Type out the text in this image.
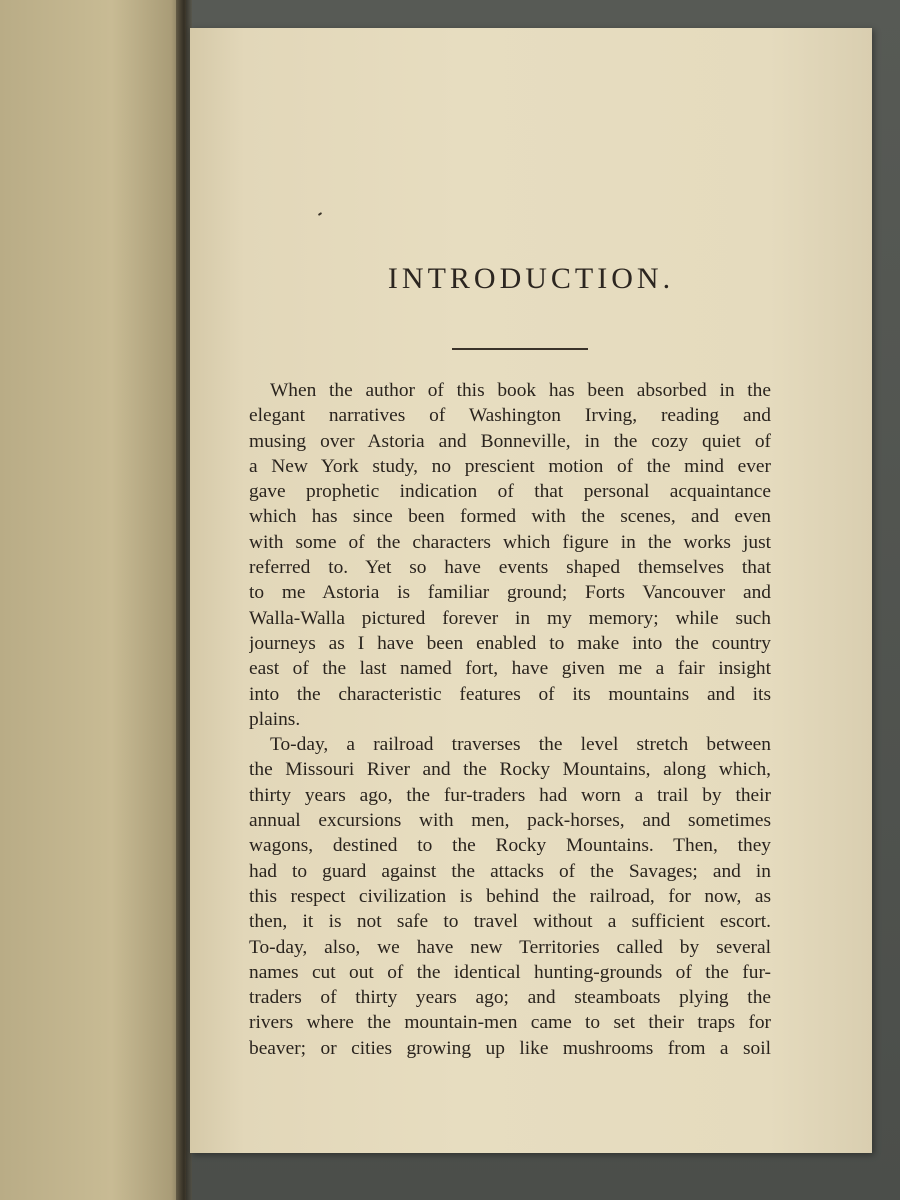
INTRODUCTION.
When the author of this book has been absorbed in the
elegant narratives of Washington Irving, reading and
musing over Astoria and Bonneville, in the cozy quiet of
a New York study, no prescient motion of the mind ever
gave prophetic indication of that personal acquaintance
which has since been formed with the scenes, and even
with some of the characters which figure in the works just
referred to. Yet so have events shaped themselves that
to me Astoria is familiar ground; Forts Vancouver and
Walla-Walla pictured forever in my memory; while such
journeys as I have been enabled to make into the country
east of the last named fort, have given me a fair insight
into the characteristic features of its mountains and its
plains.
To-day, a railroad traverses the level stretch between
the Missouri River and the Rocky Mountains, along which,
thirty years ago, the fur-traders had worn a trail by their
annual excursions with men, pack-horses, and sometimes
wagons, destined to the Rocky Mountains. Then, they
had to guard against the attacks of the Savages; and in
this respect civilization is behind the railroad, for now, as
then, it is not safe to travel without a sufficient escort.
To-day, also, we have new Territories called by several
names cut out of the identical hunting-grounds of the fur-
traders of thirty years ago; and steamboats plying the
rivers where the mountain-men came to set their traps for
beaver; or cities growing up like mushrooms from a soil
